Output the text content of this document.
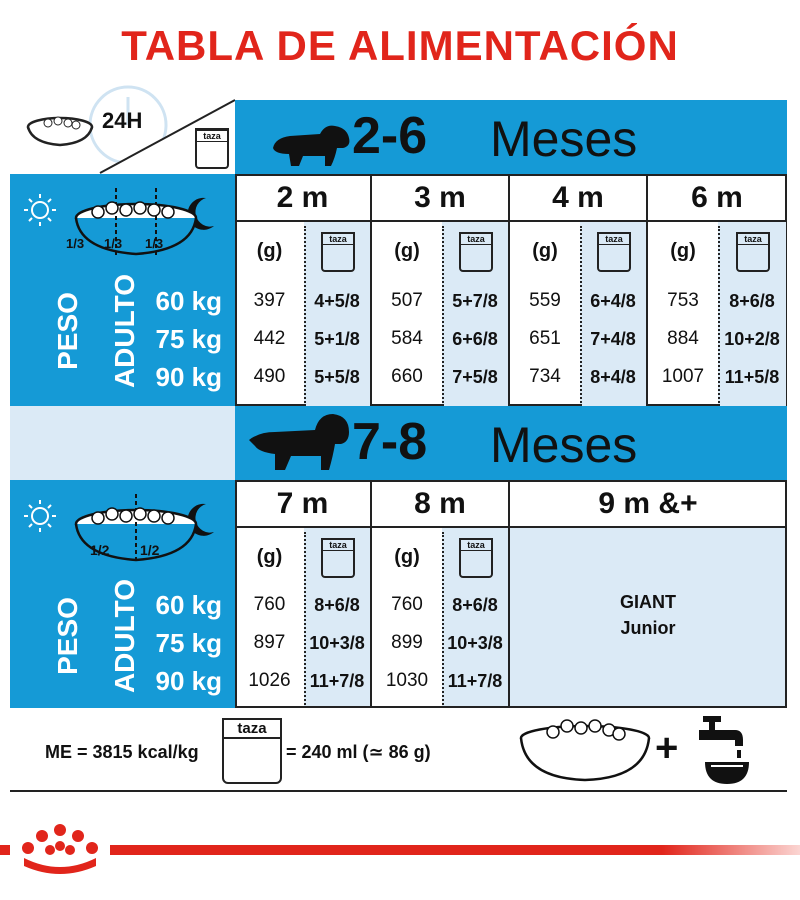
TABLA DE ALIMENTACIÓN
24H
taza	2-6 Meses
1/3 1/3 1/3
PESO ADULTO 60 kg
75 kg
90 kg
2 m	3 m	4 m	6 m
(g)	(g)	(g)	(g)
taza	taza	taza	taza
397	4+5/8	507	5+7/8	559	6+4/8	753	8+6/8
442	5+1/8	584	6+6/8	651	7+4/8	884	10+2/8
490	5+5/8	660	7+5/8	734	8+4/8	1007	11+5/8
7-8 Meses
1/2 1/2
PESO ADULTO 60 kg
75 kg
90 kg
7 m	8 m	9 m &+
(g)	(g)
taza	taza
760	8+6/8	760	8+6/8
897	10+3/8	899	10+3/8
1026	11+7/8	1030	11+7/8
GIANT
Junior
ME = 3815 kcal/kg
taza
= 240 ml (≃ 86 g)	+
